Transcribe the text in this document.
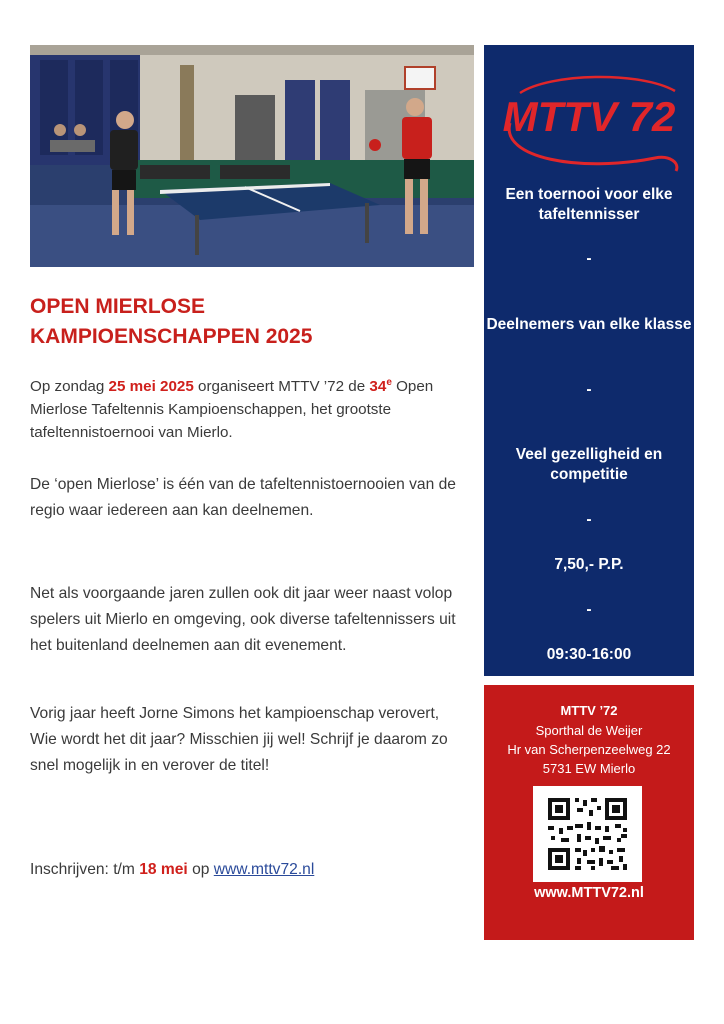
OPEN MIERLOSE
KAMPIOENSCHAPPEN 2025
Op zondag 25 mei 2025 organiseert MTTV ’72 de 34e Open Mierlose Tafeltennis Kampioenschappen, het grootste tafeltennistoernooi van Mierlo.
De ‘open Mierlose’ is één van de tafeltennistoernooien van de regio waar iedereen aan kan deelnemen.
Net als voorgaande jaren zullen ook dit jaar weer naast volop spelers uit Mierlo en omgeving, ook diverse tafeltennissers uit het buitenland deelnemen aan dit evenement.
Vorig jaar heeft Jorne Simons het kampioenschap verovert, Wie wordt het dit jaar? Misschien jij wel! Schrijf je daarom zo snel mogelijk in en verover de titel!
Inschrijven: t/m 18 mei op www.mttv72.nl
MTTV 72
Een toernooi voor elke tafeltennisser
-
Deelnemers van elke klasse
-
Veel gezelligheid en competitie
-
7,50,- P.P.
-
09:30-16:00
MTTV ’72
Sporthal de Weijer
Hr van Scherpenzeelweg 22
5731 EW Mierlo
www.MTTV72.nl
